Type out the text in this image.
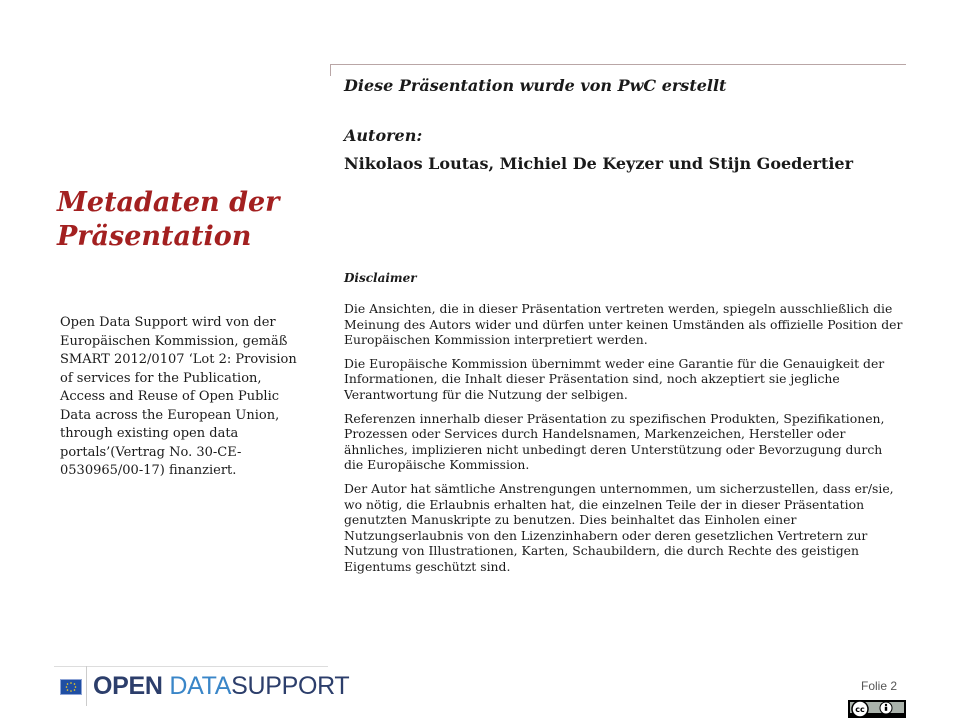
Diese Präsentation wurde von PwC erstellt
Autoren:
Nikolaos Loutas, Michiel De Keyzer und Stijn Goedertier
Metadaten der Präsentation
Open Data Support wird von der Europäischen Kommission, gemäß SMART 2012/0107 ‘Lot 2: Provision of services for the Publication, Access and Reuse of Open Public Data across the European Union, through existing open data portals’(Vertrag No. 30-CE-0530965/00-17) finanziert.
Disclaimer

Die Ansichten, die in dieser Präsentation vertreten werden, spiegeln ausschließlich die Meinung des Autors wider und dürfen unter keinen Umständen als offizielle Position der Europäischen Kommission interpretiert werden.

Die Europäische Kommission übernimmt weder eine Garantie für die Genauigkeit der Informationen, die Inhalt dieser Präsentation sind, noch akzeptiert sie jegliche Verantwortung für die Nutzung der selbigen.

Referenzen innerhalb dieser Präsentation zu spezifischen Produkten, Spezifikationen, Prozessen oder Services durch Handelsnamen, Markenzeichen, Hersteller oder ähnliches, implizieren nicht unbedingt deren Unterstützung oder Bevorzugung durch die Europäische Kommission.

Der Autor hat sämtliche Anstrengungen unternommen, um sicherzustellen, dass er/sie, wo nötig, die Erlaubnis erhalten hat, die einzelnen Teile der in dieser Präsentation genutzten Manuskripte zu benutzen. Dies beinhaltet das Einholen einer Nutzungserlaubnis von den Lizenzinhabern oder deren gesetzlichen Vertretern zur Nutzung von Illustrationen, Karten, Schaubildern, die durch Rechte des geistigen Eigentums geschützt sind.

OPEN DATASUPPORT	Folie 2
cc
